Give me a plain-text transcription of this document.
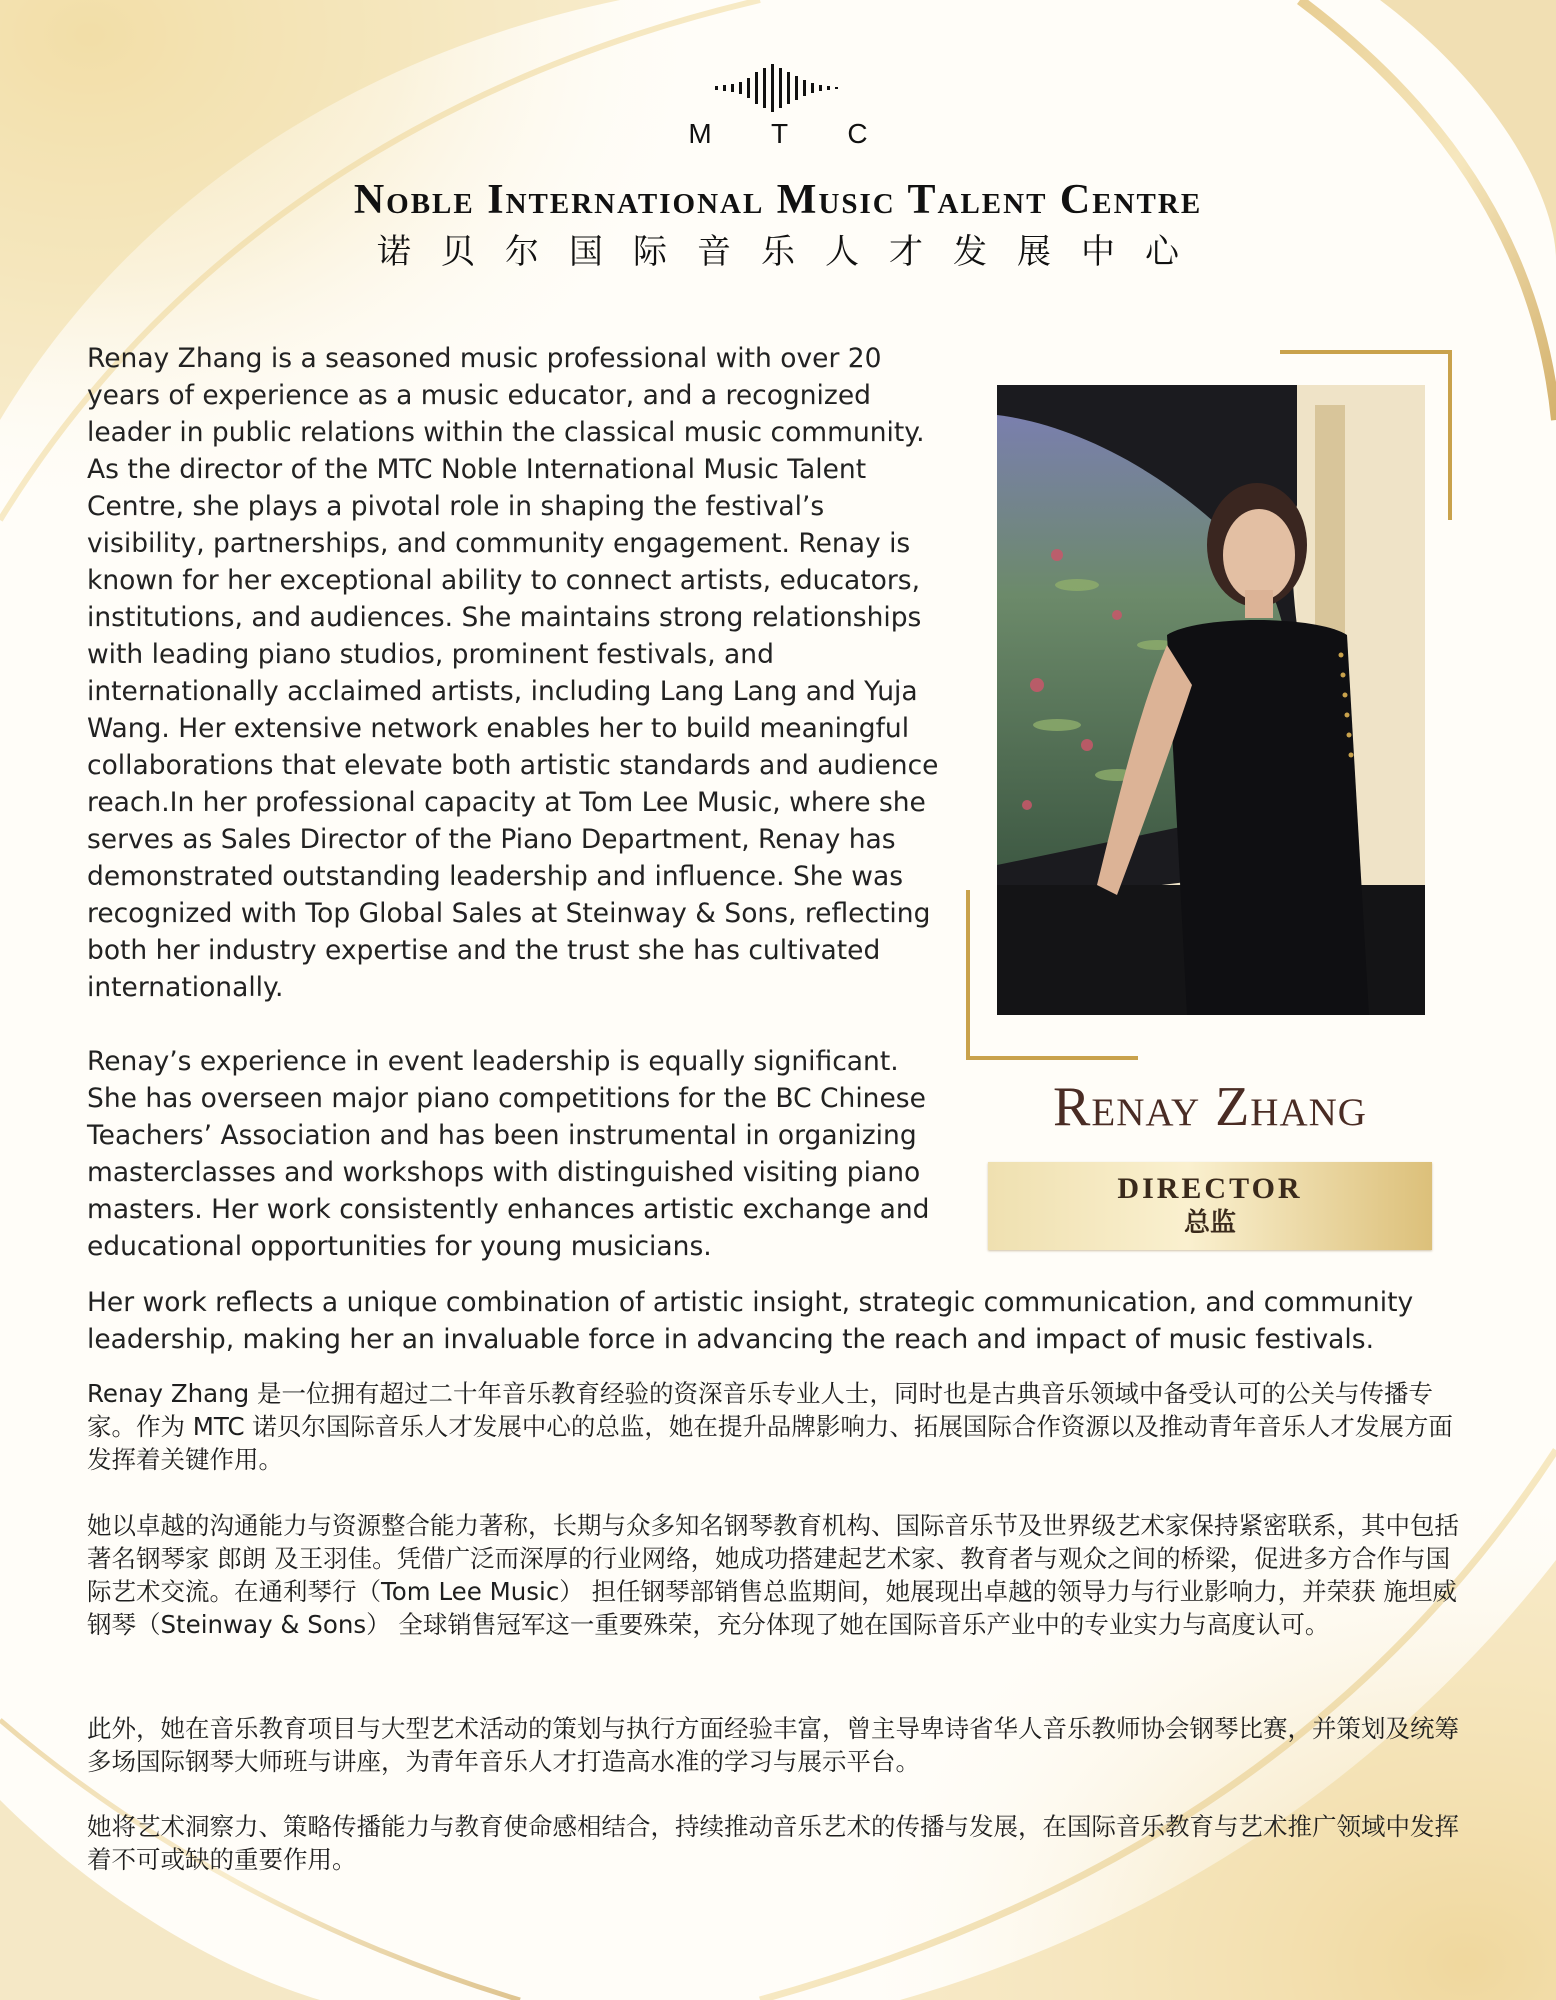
M T C
Noble International Music Talent Centre
诺贝尔国际音乐人才发展中心

Renay Zhang is a seasoned music professional with over 20 years of experience as a music educator, and a recognized leader in public relations within the classical music community. As the director of the MTC Noble International Music Talent Centre, she plays a pivotal role in shaping the festival’s visibility, partnerships, and community engagement. Renay is known for her exceptional ability to connect artists, educators, institutions, and audiences. She maintains strong relationships with leading piano studios, prominent festivals, and internationally acclaimed artists, including Lang Lang and Yuja Wang. Her extensive network enables her to build meaningful collaborations that elevate both artistic standards and audience reach.In her professional capacity at Tom Lee Music, where she serves as Sales Director of the Piano Department, Renay has demonstrated outstanding leadership and influence. She was recognized with Top Global Sales at Steinway & Sons, reflecting both her industry expertise and the trust she has cultivated internationally.

Renay’s experience in event leadership is equally significant. She has overseen major piano competitions for the BC Chinese Teachers’ Association and has been instrumental in organizing masterclasses and workshops with distinguished visiting piano masters. Her work consistently enhances artistic exchange and educational opportunities for young musicians.

Her work reflects a unique combination of artistic insight, strategic communication, and community leadership, making her an invaluable force in advancing the reach and impact of music festivals.

Renay Zhang
DIRECTOR
总监

Renay Zhang 是一位拥有超过二十年音乐教育经验的资深音乐专业人士，同时也是古典音乐领域中备受认可的公关与传播专家。作为 MTC 诺贝尔国际音乐人才发展中心的总监，她在提升品牌影响力、拓展国际合作资源以及推动青年音乐人才发展方面发挥着关键作用。

她以卓越的沟通能力与资源整合能力著称，长期与众多知名钢琴教育机构、国际音乐节及世界级艺术家保持紧密联系，其中包括著名钢琴家 郎朗 及王羽佳。凭借广泛而深厚的行业网络，她成功搭建起艺术家、教育者与观众之间的桥梁，促进多方合作与国际艺术交流。在通利琴行（Tom Lee Music） 担任钢琴部销售总监期间，她展现出卓越的领导力与行业影响力，并荣获 施坦威钢琴（Steinway & Sons） 全球销售冠军这一重要殊荣，充分体现了她在国际音乐产业中的专业实力与高度认可。

此外，她在音乐教育项目与大型艺术活动的策划与执行方面经验丰富，曾主导卑诗省华人音乐教师协会钢琴比赛，并策划及统筹多场国际钢琴大师班与讲座，为青年音乐人才打造高水准的学习与展示平台。

她将艺术洞察力、策略传播能力与教育使命感相结合，持续推动音乐艺术的传播与发展，在国际音乐教育与艺术推广领域中发挥着不可或缺的重要作用。
